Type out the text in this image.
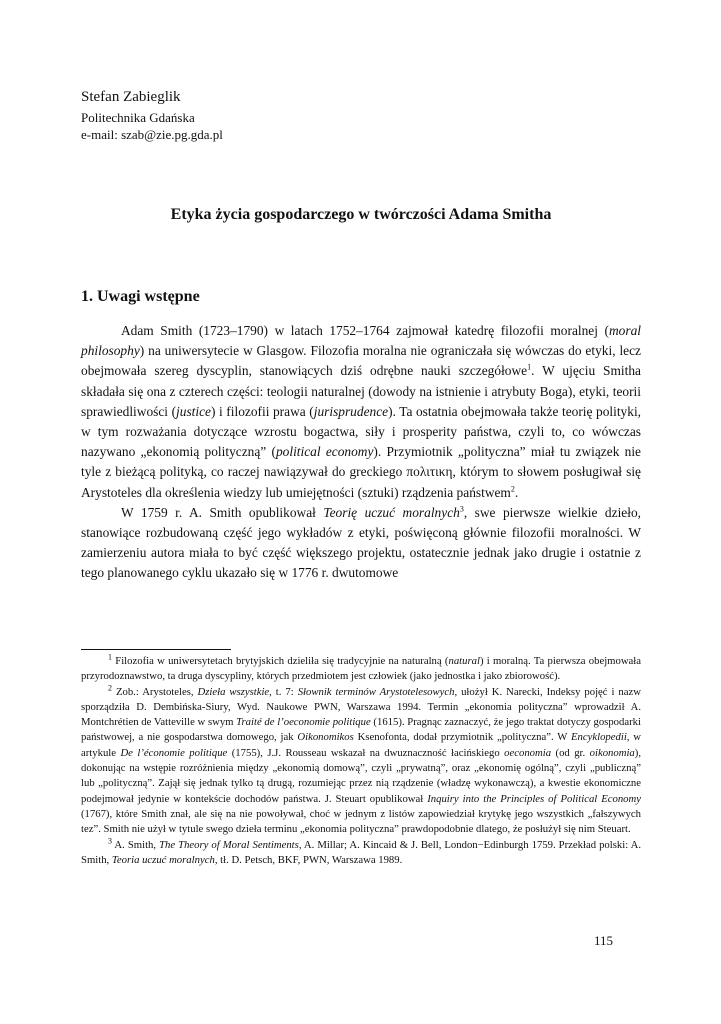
Stefan Zabieglik
Politechnika Gdańska
e-mail: szab@zie.pg.gda.pl
Etyka życia gospodarczego w twórczości Adama Smitha
1. Uwagi wstępne

Adam Smith (1723–1790) w latach 1752–1764 zajmował katedrę filozofii moralnej (moral philosophy) na uniwersytecie w Glasgow. Filozofia moralna nie ograniczała się wówczas do etyki, lecz obejmowała szereg dyscyplin, stanowiących dziś odrębne nauki szczegółowe$^1$. W ujęciu Smitha składała się ona z czterech części: teologii naturalnej (dowody na istnienie i atrybuty Boga), etyki, teorii sprawiedliwości (justice) i filozofii prawa (jurisprudence). Ta ostatnia obejmowała także teorię polityki, w tym rozważania dotyczące wzrostu bogactwa, siły i prosperity państwa, czyli to, co wówczas nazywano „ekonomią polityczną” (political economy). Przymiotnik „polityczna” miał tu związek nie tyle z bieżącą polityką, co raczej nawiązywał do greckiego πολιτικη, którym to słowem posługiwał się Arystoteles dla określenia wiedzy lub umiejętności (sztuki) rządzenia państwem$^2$.

W 1759 r. A. Smith opublikował Teorię uczuć moralnych$^3$, swe pierwsze wielkie dzieło, stanowiące rozbudowaną część jego wykładów z etyki, poświęconą głównie filozofii moralności. W zamierzeniu autora miała to być część większego projektu, ostatecznie jednak jako drugie i ostatnie z tego planowanego cyklu ukazało się w 1776 r. dwutomowe

$^1$ Filozofia w uniwersytetach brytyjskich dzieliła się tradycyjnie na naturalną (natural) i moralną. Ta pierwsza obejmowała przyrodoznawstwo, ta druga dyscypliny, których przedmiotem jest człowiek (jako jednostka i jako zbiorowość).

$^2$ Zob.: Arystoteles, Dzieła wszystkie, t. 7: Słownik terminów Arystotelesowych, ułożył K. Narecki, Indeksy pojęć i nazw sporządziła D. Dembińska-Siury, Wyd. Naukowe PWN, Warszawa 1994. Termin „ekonomia polityczna” wprowadził A. Montchrétien de Vatteville w swym Traité de l’oeconomie politique (1615). Pragnąc zaznaczyć, że jego traktat dotyczy gospodarki państwowej, a nie gospodarstwa domowego, jak Oikonomikos Ksenofonta, dodał przymiotnik „polityczna”. W Encyklopedii, w artykule De l’économie politique (1755), J.J. Rousseau wskazał na dwuznaczność łacińskiego oeconomia (od gr. oikonomia), dokonując na wstępie rozróżnienia między „ekonomią domową”, czyli „prywatną”, oraz „ekonomię ogólną”, czyli „publiczną” lub „polityczną”. Zajął się jednak tylko tą drugą, rozumiejąc przez nią rządzenie (władzę wykonawczą), a kwestie ekonomiczne podejmował jedynie w kontekście dochodów państwa. J. Steuart opublikował Inquiry into the Principles of Political Economy (1767), które Smith znał, ale się na nie powoływał, choć w jednym z listów zapowiedział krytykę jego wszystkich „fałszywych tez”. Smith nie użył w tytule swego dzieła terminu „ekonomia polityczna” prawdopodobnie dlatego, że posłużył się nim Steuart.

$^3$ A. Smith, The Theory of Moral Sentiments, A. Millar; A. Kincaid & J. Bell, London−Edinburgh 1759. Przekład polski: A. Smith, Teoria uczuć moralnych, tł. D. Petsch, BKF, PWN, Warszawa 1989.

115
